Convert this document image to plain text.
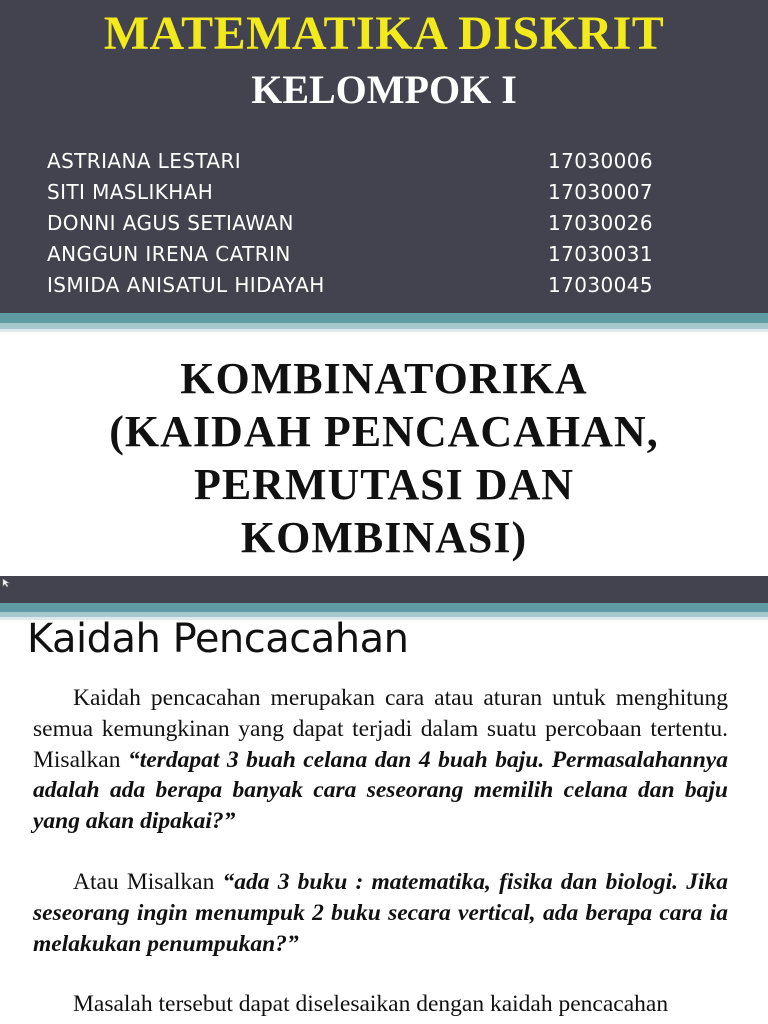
MATEMATIKA DISKRIT
KELOMPOK I
ASTRIANA LESTARI	17030006
SITI MASLIKHAH	17030007
DONNI AGUS SETIAWAN	17030026
ANGGUN IRENA CATRIN	17030031
ISMIDA ANISATUL HIDAYAH	17030045
KOMBINATORIKA
(KAIDAH PENCACAHAN,
PERMUTASI DAN
KOMBINASI)
Kaidah Pencacahan

Kaidah pencacahan merupakan cara atau aturan untuk menghitung semua kemungkinan yang dapat terjadi dalam suatu percobaan tertentu. Misalkan “terdapat 3 buah celana dan 4 buah baju. Permasalahannya adalah ada berapa banyak cara seseorang memilih celana dan baju yang akan dipakai?”

Atau Misalkan “ada 3 buku : matematika, fisika dan biologi. Jika seseorang ingin menumpuk 2 buku secara vertical, ada berapa cara ia melakukan penumpukan?”

Masalah tersebut dapat diselesaikan dengan kaidah pencacahan
